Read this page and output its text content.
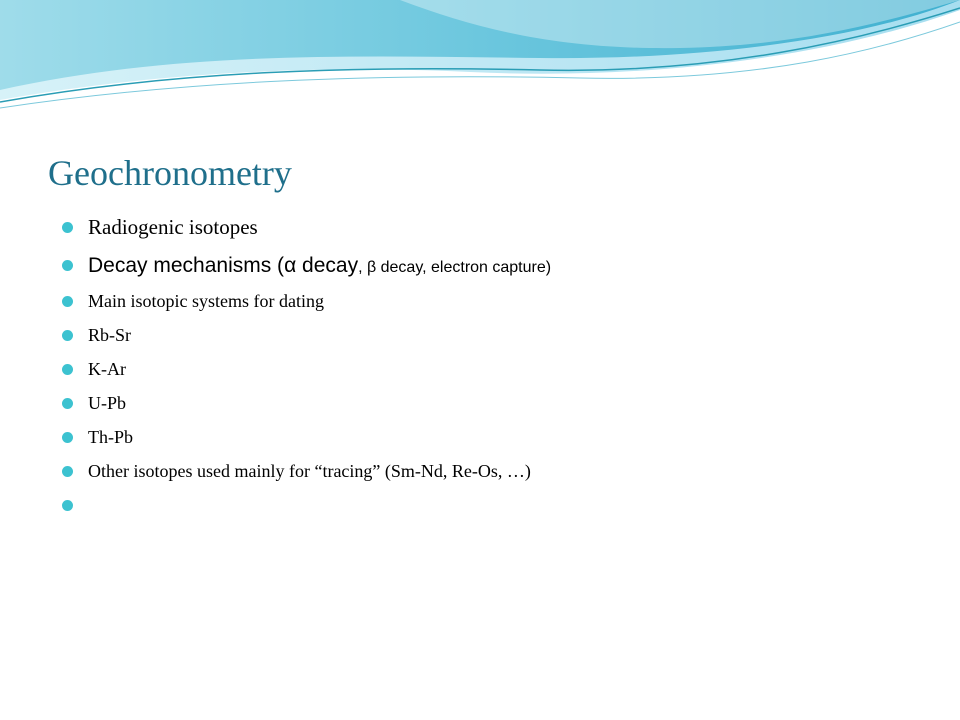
Geochronometry
Radiogenic isotopes
Decay mechanisms (α decay, β decay, electron capture)
Main isotopic systems for dating
Rb-Sr
K-Ar
U-Pb
Th-Pb
Other isotopes used mainly for “tracing” (Sm-Nd, Re-Os, …)
